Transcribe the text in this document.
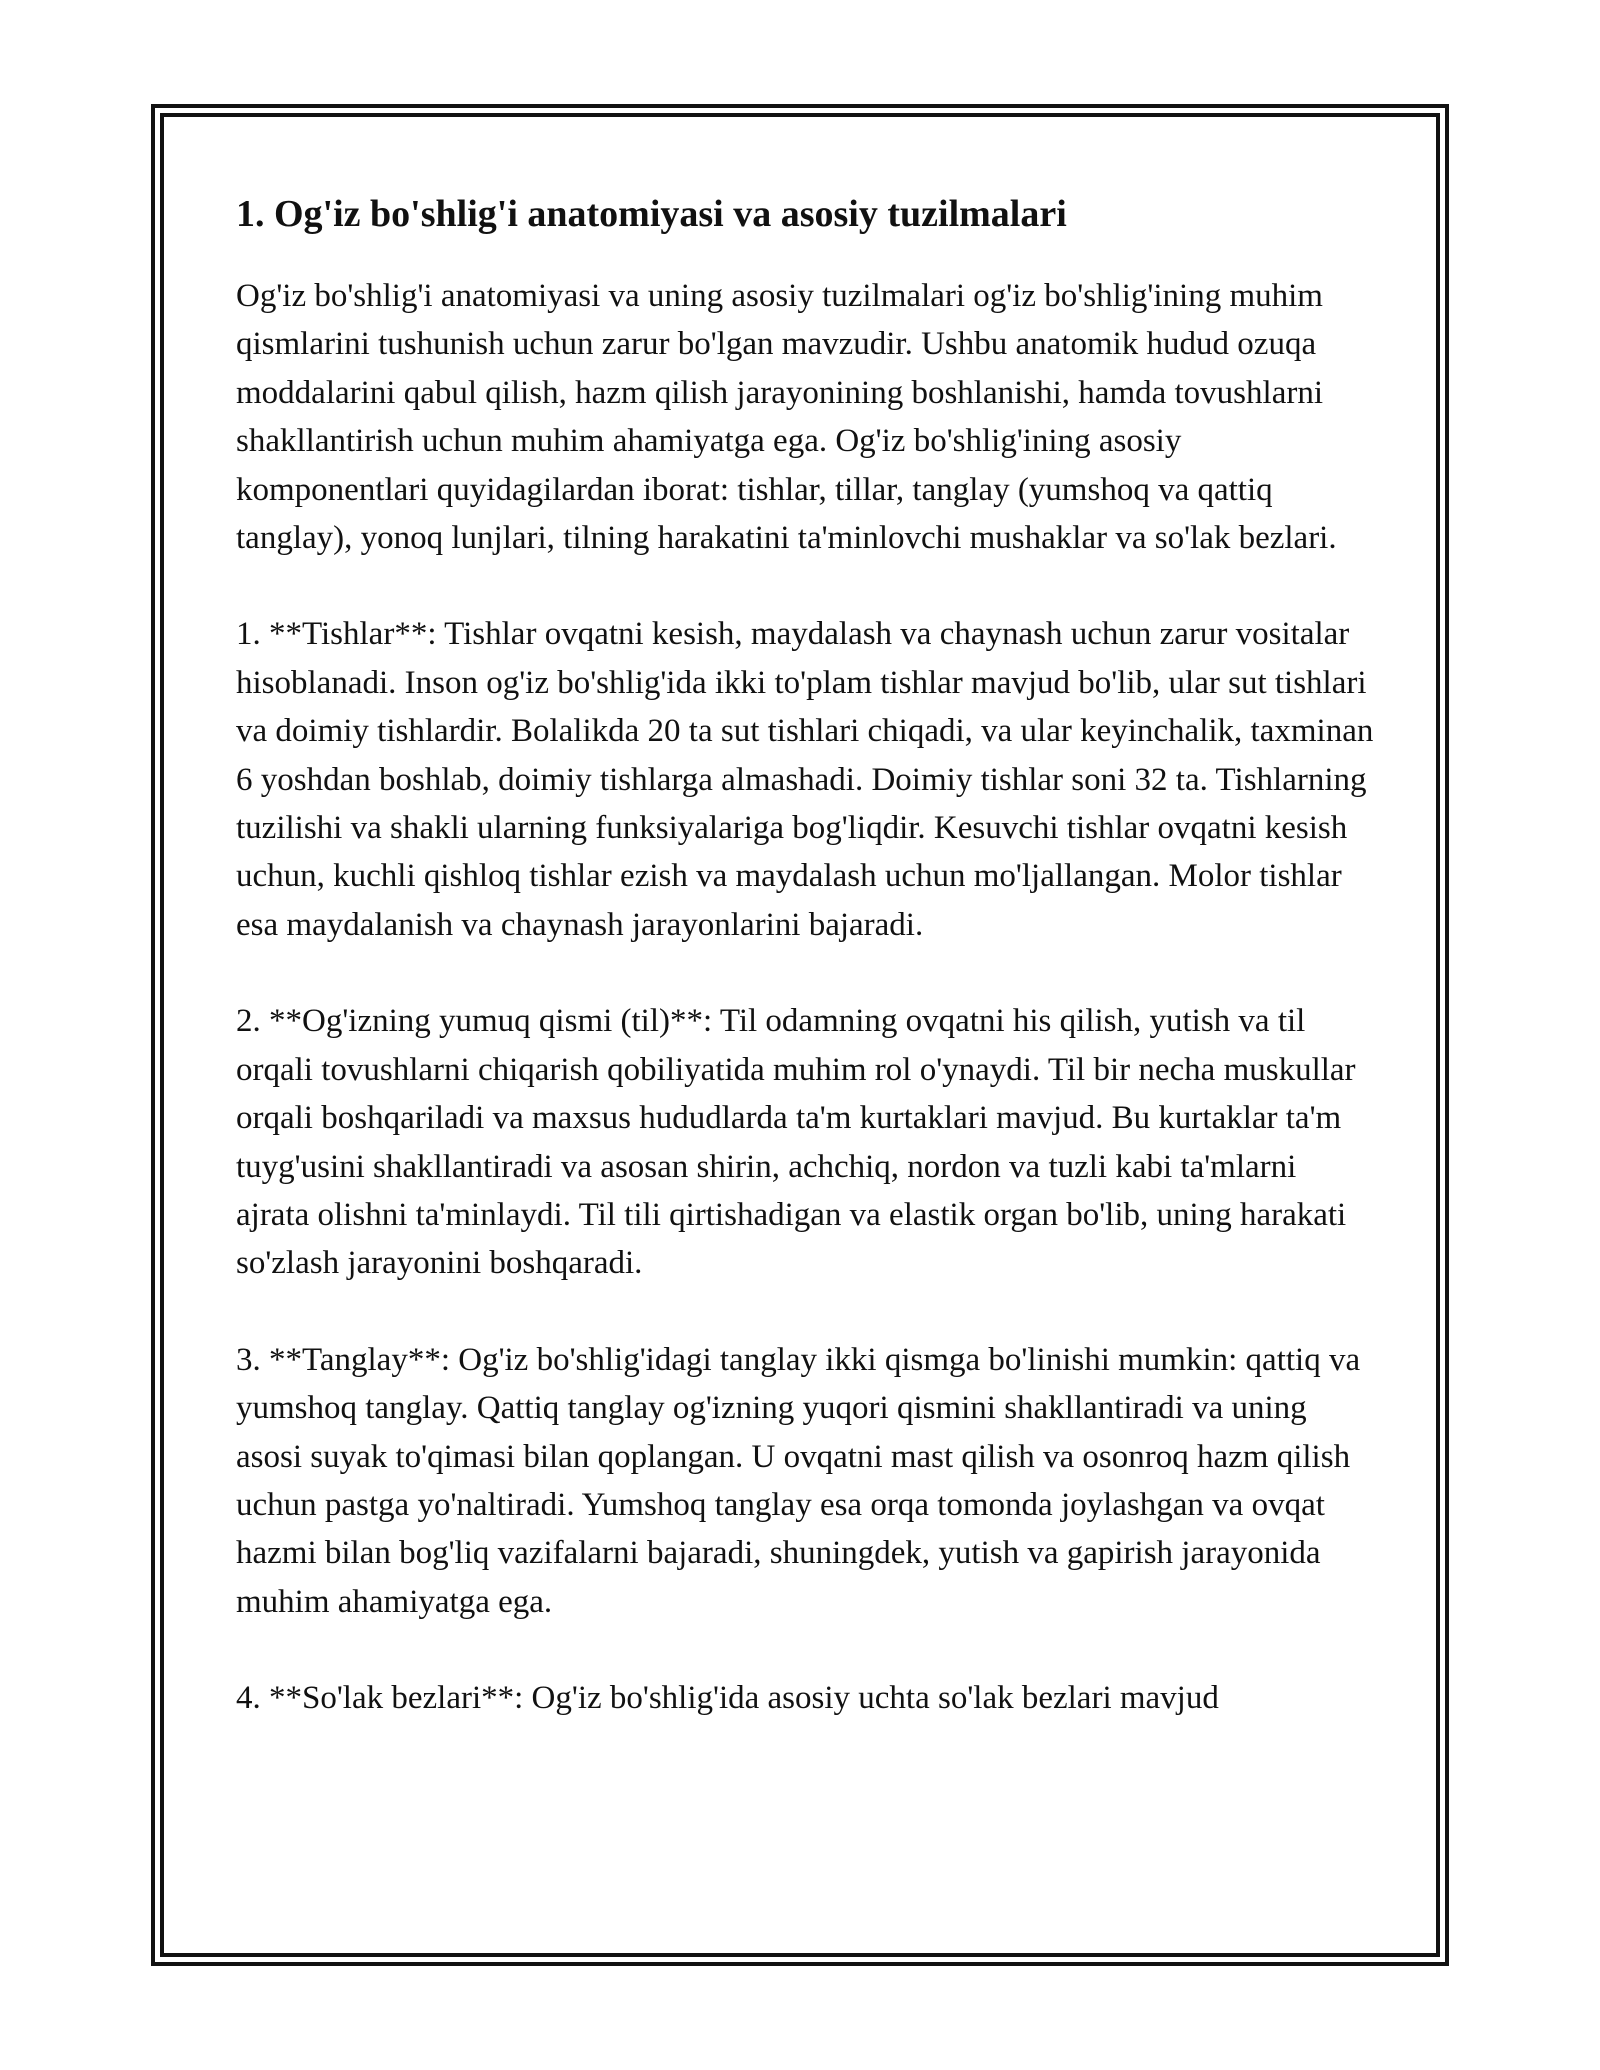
1. Og'iz bo'shlig'i anatomiyasi va asosiy tuzilmalari

Og'iz bo'shlig'i anatomiyasi va uning asosiy tuzilmalari og'iz bo'shlig'ining muhim qismlarini tushunish uchun zarur bo'lgan mavzudir. Ushbu anatomik hudud ozuqa moddalarini qabul qilish, hazm qilish jarayonining boshlanishi, hamda tovushlarni shakllantirish uchun muhim ahamiyatga ega. Og'iz bo'shlig'ining asosiy komponentlari quyidagilardan iborat: tishlar, tillar, tanglay (yumshoq va qattiq tanglay), yonoq lunjlari, tilning harakatini ta'minlovchi mushaklar va so'lak bezlari.

1. **Tishlar**: Tishlar ovqatni kesish, maydalash va chaynash uchun zarur vositalar hisoblanadi. Inson og'iz bo'shlig'ida ikki to'plam tishlar mavjud bo'lib, ular sut tishlari va doimiy tishlardir. Bolalikda 20 ta sut tishlari chiqadi, va ular keyinchalik, taxminan 6 yoshdan boshlab, doimiy tishlarga almashadi. Doimiy tishlar soni 32 ta. Tishlarning tuzilishi va shakli ularning funksiyalariga bog'liqdir. Kesuvchi tishlar ovqatni kesish uchun, kuchli qishloq tishlar ezish va maydalash uchun mo'ljallangan. Molor tishlar esa maydalanish va chaynash jarayonlarini bajaradi.

2. **Og'izning yumuq qismi (til)**: Til odamning ovqatni his qilish, yutish va til orqali tovushlarni chiqarish qobiliyatida muhim rol o'ynaydi. Til bir necha muskullar orqali boshqariladi va maxsus hududlarda ta'm kurtaklari mavjud. Bu kurtaklar ta'm tuyg'usini shakllantiradi va asosan shirin, achchiq, nordon va tuzli kabi ta'mlarni ajrata olishni ta'minlaydi. Til tili qirtishadigan va elastik organ bo'lib, uning harakati so'zlash jarayonini boshqaradi.

3. **Tanglay**: Og'iz bo'shlig'idagi tanglay ikki qismga bo'linishi mumkin: qattiq va yumshoq tanglay. Qattiq tanglay og'izning yuqori qismini shakllantiradi va uning asosi suyak to'qimasi bilan qoplangan. U ovqatni mast qilish va osonroq hazm qilish uchun pastga yo'naltiradi. Yumshoq tanglay esa orqa tomonda joylashgan va ovqat hazmi bilan bog'liq vazifalarni bajaradi, shuningdek, yutish va gapirish jarayonida muhim ahamiyatga ega.

4. **So'lak bezlari**: Og'iz bo'shlig'ida asosiy uchta so'lak bezlari mavjud
